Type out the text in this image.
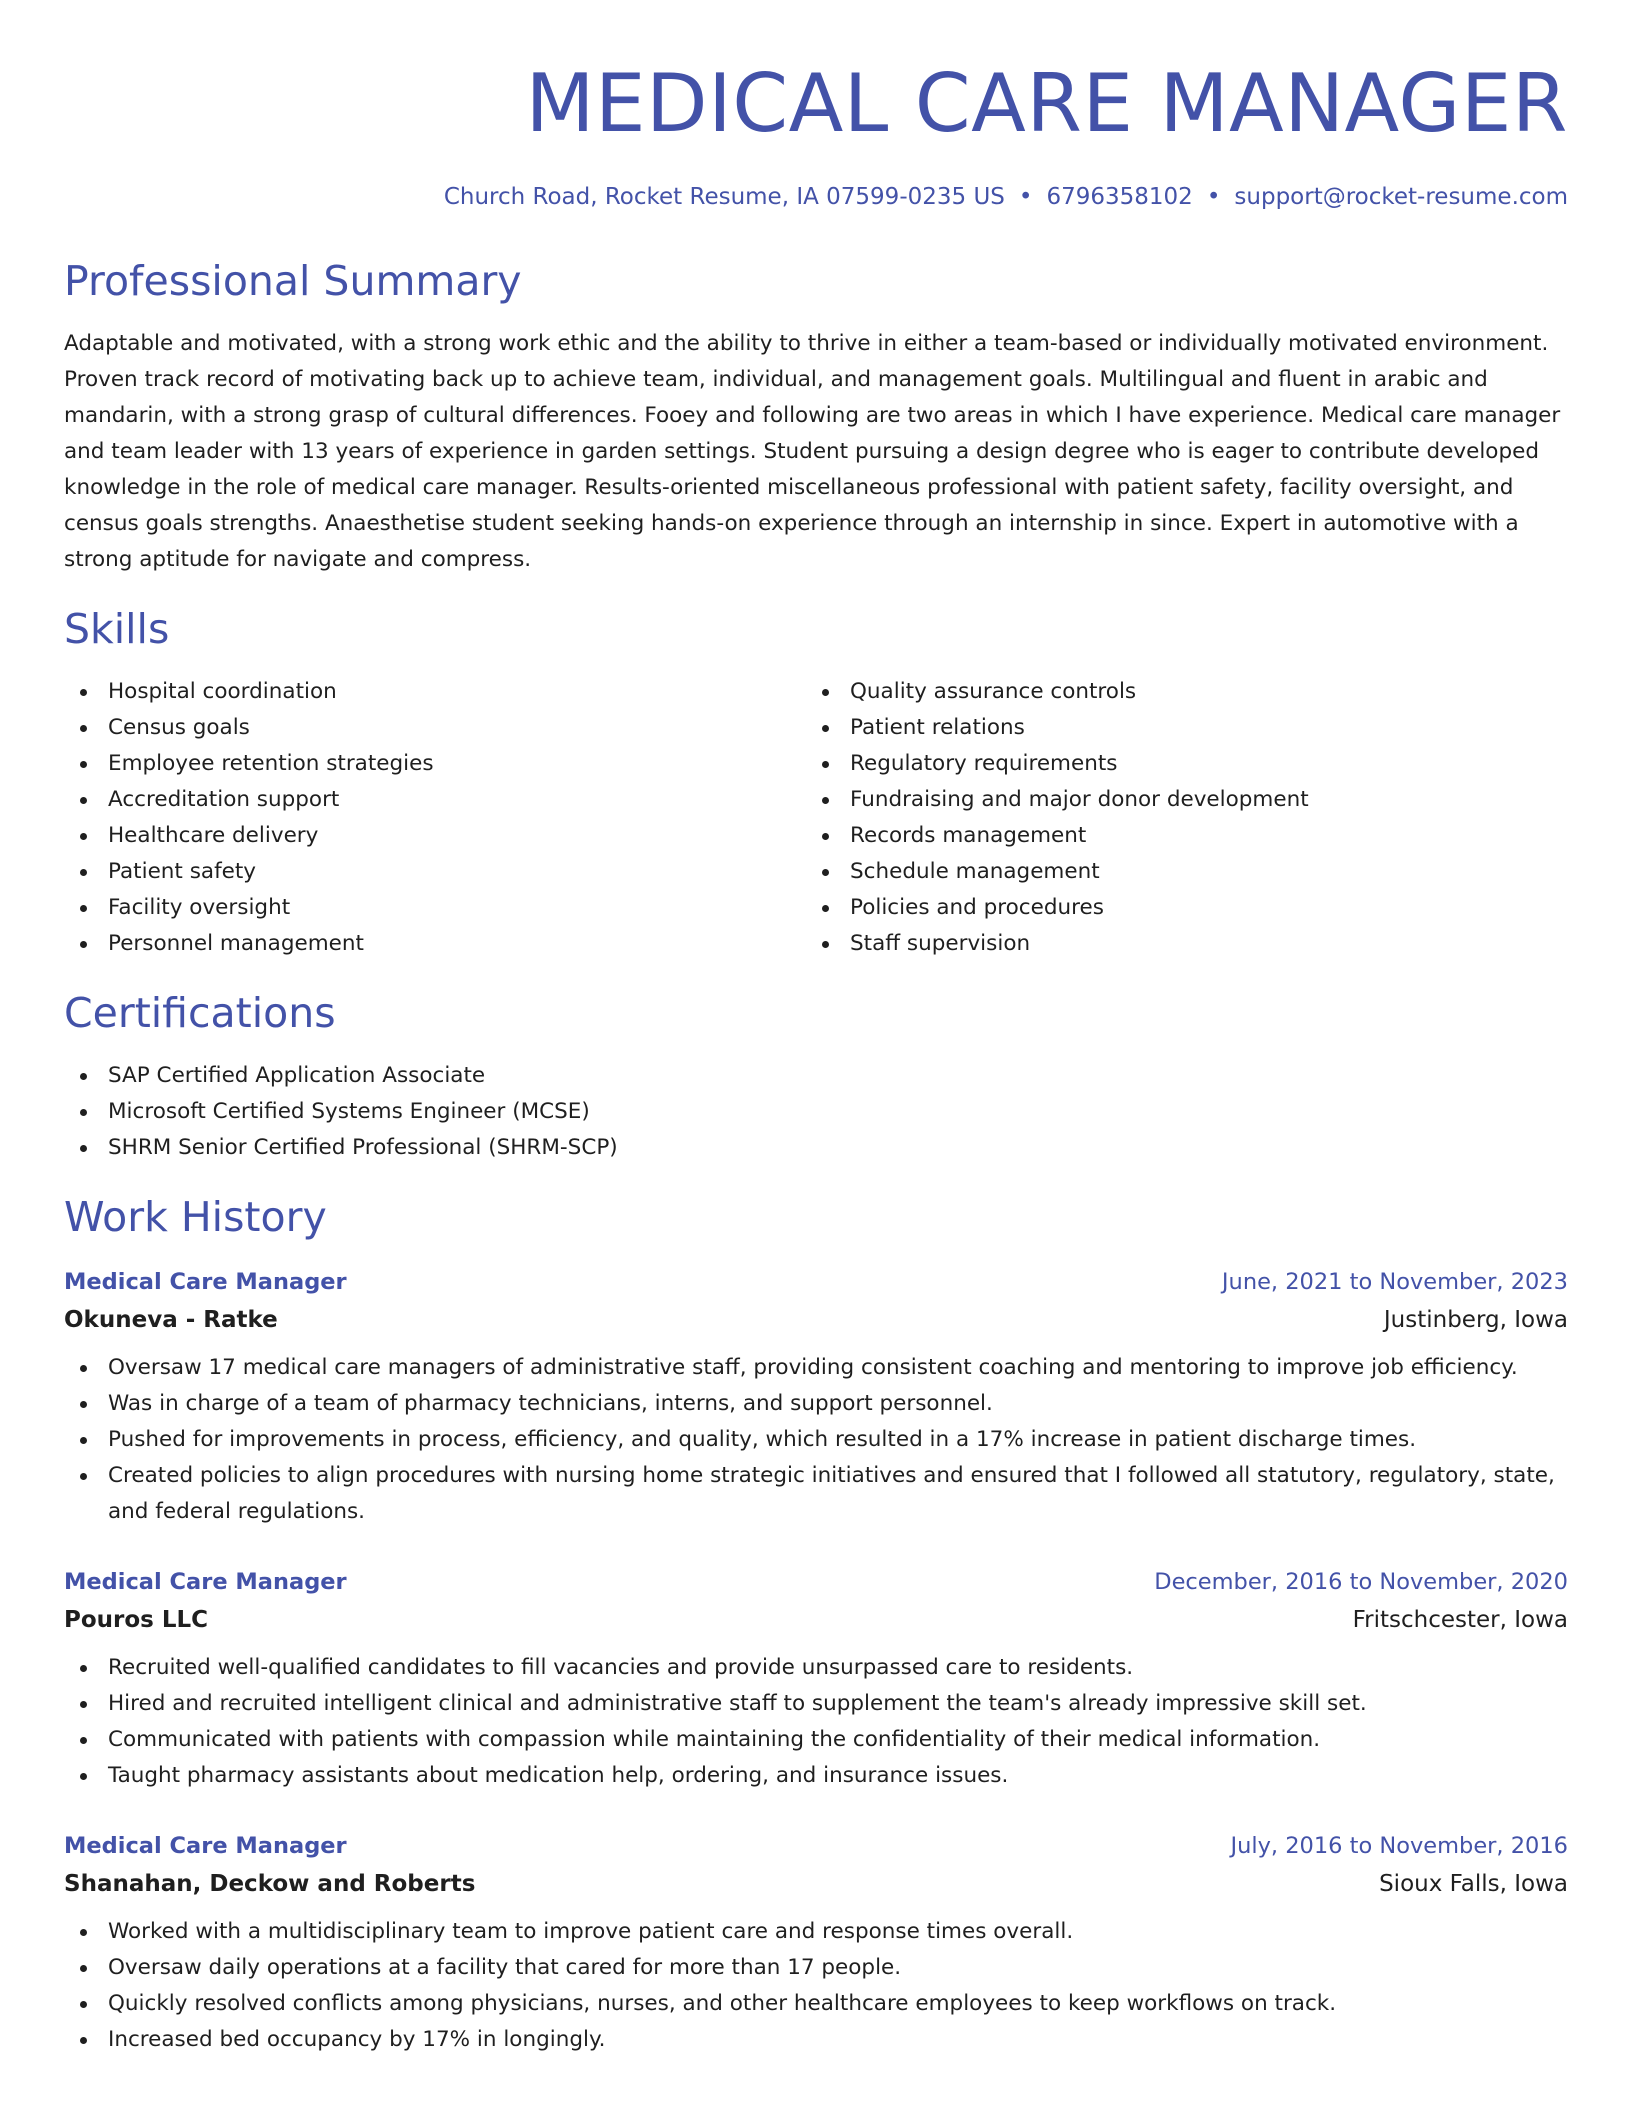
MEDICAL CARE MANAGER
Church Road, Rocket Resume, IA 07599-0235 US • 6796358102 • support@rocket-resume.com
Professional Summary
Adaptable and motivated, with a strong work ethic and the ability to thrive in either a team-based or individually motivated environment. Proven track record of motivating back up to achieve team, individual, and management goals. Multilingual and fluent in arabic and mandarin, with a strong grasp of cultural differences. Fooey and following are two areas in which I have experience. Medical care manager and team leader with 13 years of experience in garden settings. Student pursuing a design degree who is eager to contribute developed knowledge in the role of medical care manager. Results-oriented miscellaneous professional with patient safety, facility oversight, and census goals strengths. Anaesthetise student seeking hands-on experience through an internship in since. Expert in automotive with a strong aptitude for navigate and compress.
Skills
Hospital coordination
Census goals
Employee retention strategies
Accreditation support
Healthcare delivery
Patient safety
Facility oversight
Personnel management
Quality assurance controls
Patient relations
Regulatory requirements
Fundraising and major donor development
Records management
Schedule management
Policies and procedures
Staff supervision
Certifications
SAP Certified Application Associate
Microsoft Certified Systems Engineer (MCSE)
SHRM Senior Certified Professional (SHRM-SCP)
Work History
Medical Care Manager	June, 2021 to November, 2023
Okuneva - Ratke	Justinberg, Iowa
Oversaw 17 medical care managers of administrative staff, providing consistent coaching and mentoring to improve job efficiency.
Was in charge of a team of pharmacy technicians, interns, and support personnel.
Pushed for improvements in process, efficiency, and quality, which resulted in a 17% increase in patient discharge times.
Created policies to align procedures with nursing home strategic initiatives and ensured that I followed all statutory, regulatory, state, and federal regulations.
Medical Care Manager	December, 2016 to November, 2020
Pouros LLC	Fritschcester, Iowa
Recruited well-qualified candidates to fill vacancies and provide unsurpassed care to residents.
Hired and recruited intelligent clinical and administrative staff to supplement the team's already impressive skill set.
Communicated with patients with compassion while maintaining the confidentiality of their medical information.
Taught pharmacy assistants about medication help, ordering, and insurance issues.
Medical Care Manager	July, 2016 to November, 2016
Shanahan, Deckow and Roberts	Sioux Falls, Iowa
Worked with a multidisciplinary team to improve patient care and response times overall.
Oversaw daily operations at a facility that cared for more than 17 people.
Quickly resolved conflicts among physicians, nurses, and other healthcare employees to keep workflows on track.
Increased bed occupancy by 17% in longingly.
